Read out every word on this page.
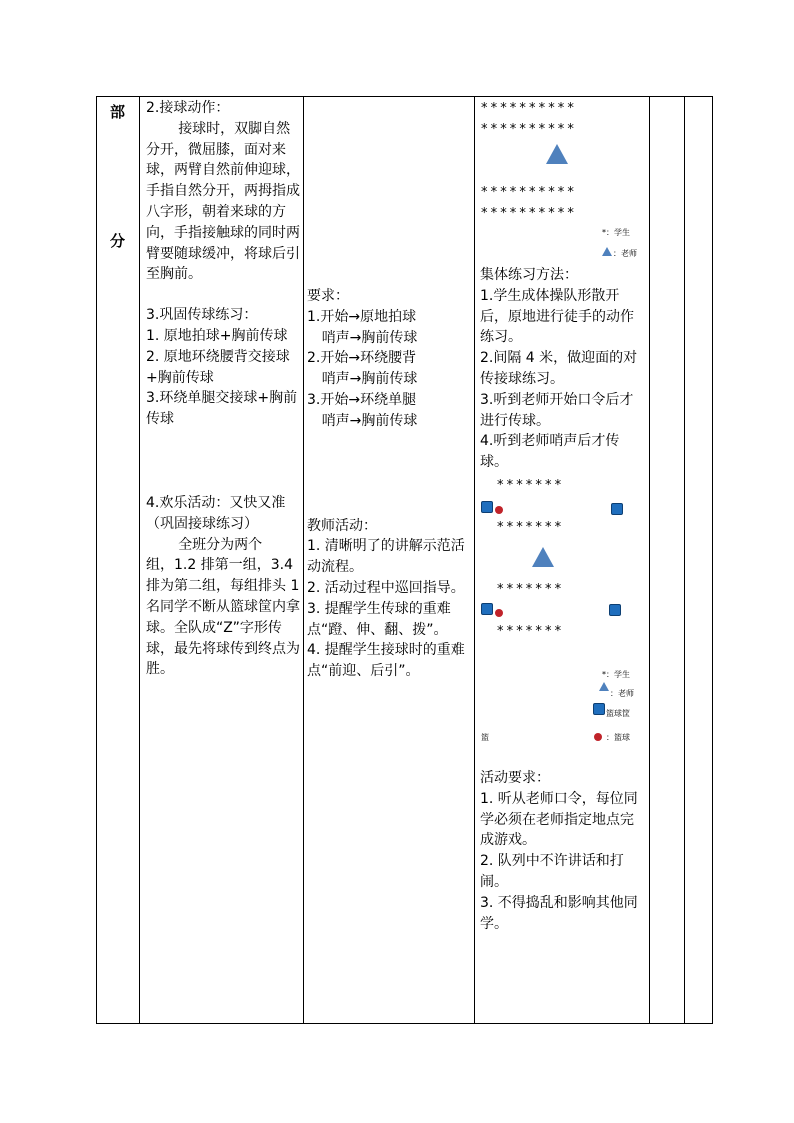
部
分

2.接球动作：

接球时，双脚自然分开，微屈膝，面对来球，两臂自然前伸迎球，手指自然分开，两拇指成八字形，朝着来球的方向，手指接触球的同时两臂要随球缓冲，将球后引至胸前。

3.巩固传球练习：

1. 原地拍球+胸前传球

2. 原地环绕腰背交接球+胸前传球

3.环绕单腿交接球+胸前传球

4.欢乐活动：又快又准（巩固接球练习）

全班分为两个

组，1.2 排第一组，3.4 排为第二组，每组排头 1 名同学不断从篮球筐内拿球。全队成“Z”字形传球，最先将球传到终点为胜。

要求：

1.开始→原地拍球

哨声→胸前传球

2.开始→环绕腰背

哨声→胸前传球

3.开始→环绕单腿

哨声→胸前传球

教师活动：

1. 清晰明了的讲解示范活动流程。

2. 活动过程中巡回指导。

3. 提醒学生传球的重难点“蹬、伸、翻、拨”。

4. 提醒学生接球时的重难点“前迎、后引”。

**********
**********
**********
**********
*：学生
：老师

集体练习方法：

1.学生成体操队形散开后，原地进行徒手的动作练习。

2.间隔 4 米，做迎面的对传接球练习。

3.听到老师开始口令后才进行传球。

4.听到老师哨声后才传球。

*******
*******
*******
*******
*：学生
：老师
篮球筐
篮	：篮球

活动要求：

1. 听从老师口令，每位同学必须在老师指定地点完成游戏。

2. 队列中不许讲话和打闹。

3. 不得捣乱和影响其他同学。
